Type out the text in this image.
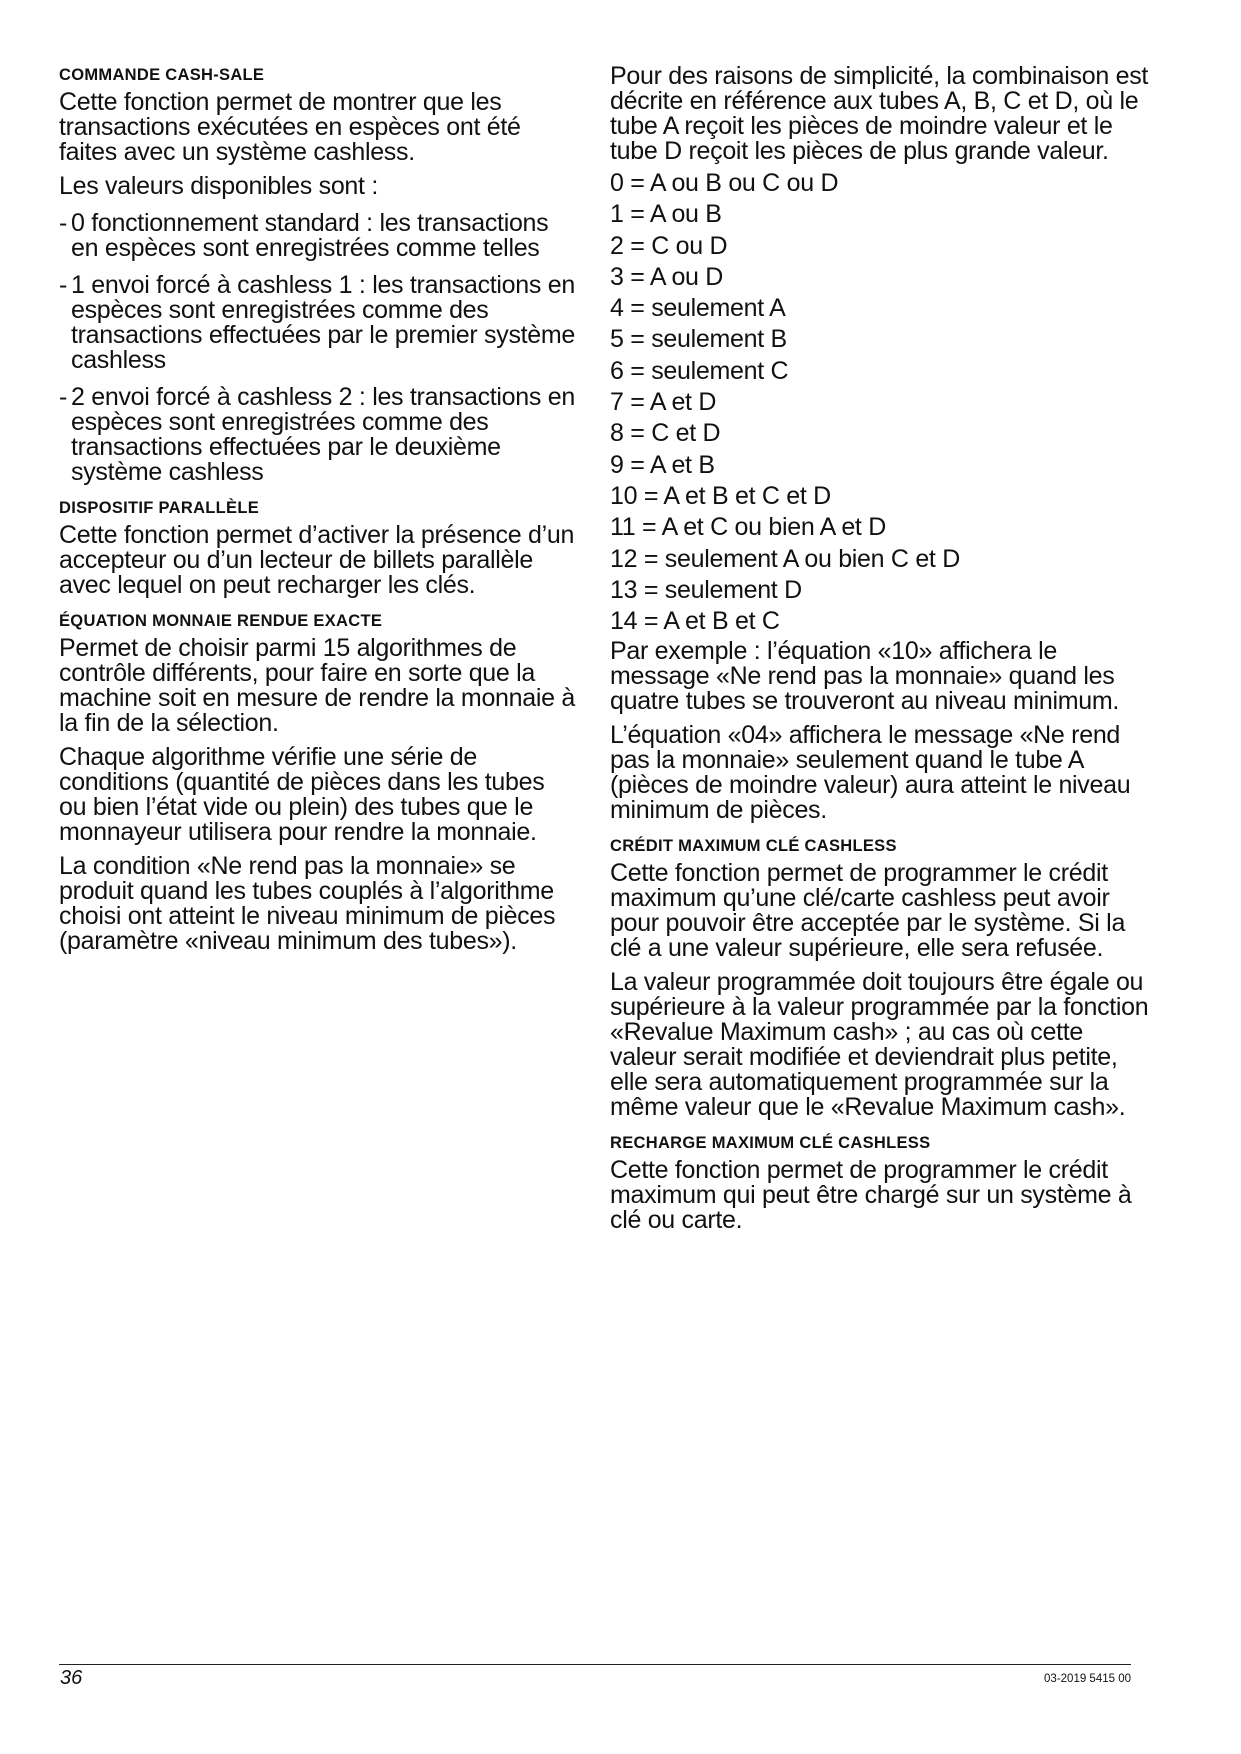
COMMANDE CASH-SALE
Cette fonction permet de montrer que les transactions exécutées en espèces ont été faites avec un système cashless.
Les valeurs disponibles sont :
- 0 fonctionnement standard : les transactions en espèces sont enregistrées comme telles
- 1 envoi forcé à cashless 1 : les transactions en espèces sont enregistrées comme des transactions effectuées par le premier système cashless
- 2 envoi forcé à cashless 2 : les transactions en espèces sont enregistrées comme des transactions effectuées par le deuxième système cashless
DISPOSITIF PARALLÈLE
Cette fonction permet d’activer la présence d’un accepteur ou d’un lecteur de billets parallèle avec lequel on peut recharger les clés.
ÉQUATION MONNAIE RENDUE EXACTE
Permet de choisir parmi 15 algorithmes de contrôle différents, pour faire en sorte que la machine soit en mesure de rendre la monnaie à la fin de la sélection.
Chaque algorithme vérifie une série de conditions (quantité de pièces dans les tubes ou bien l’état vide ou plein) des tubes que le monnayeur utilisera pour rendre la monnaie.
La condition «Ne rend pas la monnaie» se produit quand les tubes couplés à l’algorithme choisi ont atteint le niveau minimum de pièces (paramètre «niveau minimum des tubes»).
Pour des raisons de simplicité, la combinaison est décrite en référence aux tubes A, B, C et D, où le tube A reçoit les pièces de moindre valeur et le tube D reçoit les pièces de plus grande valeur.
0 = A ou B ou C ou D
1 = A ou B
2 = C ou D
3 = A ou D
4 = seulement A
5 = seulement B
6 = seulement C
7 = A et D
8 = C et D
9 = A et B
10 = A et B et C et D
11 = A et C ou bien A et D
12 = seulement A ou bien C et D
13 = seulement D
14 = A et B et C
Par exemple : l’équation «10» affichera le message «Ne rend pas la monnaie» quand les quatre tubes se trouveront au niveau minimum.
L’équation «04» affichera le message «Ne rend pas la monnaie» seulement quand le tube A (pièces de moindre valeur) aura atteint le niveau minimum de pièces.
CRÉDIT MAXIMUM CLÉ CASHLESS
Cette fonction permet de programmer le crédit maximum qu’une clé/carte cashless peut avoir pour pouvoir être acceptée par le système. Si la clé a une valeur supérieure, elle sera refusée.
La valeur programmée doit toujours être égale ou supérieure à la valeur programmée par la fonction «Revalue Maximum cash» ; au cas où cette valeur serait modifiée et deviendrait plus petite, elle sera automatiquement programmée sur la même valeur que le «Revalue Maximum cash».
RECHARGE MAXIMUM CLÉ CASHLESS
Cette fonction permet de programmer le crédit maximum qui peut être chargé sur un système à clé ou carte.
36	03-2019 5415 00
